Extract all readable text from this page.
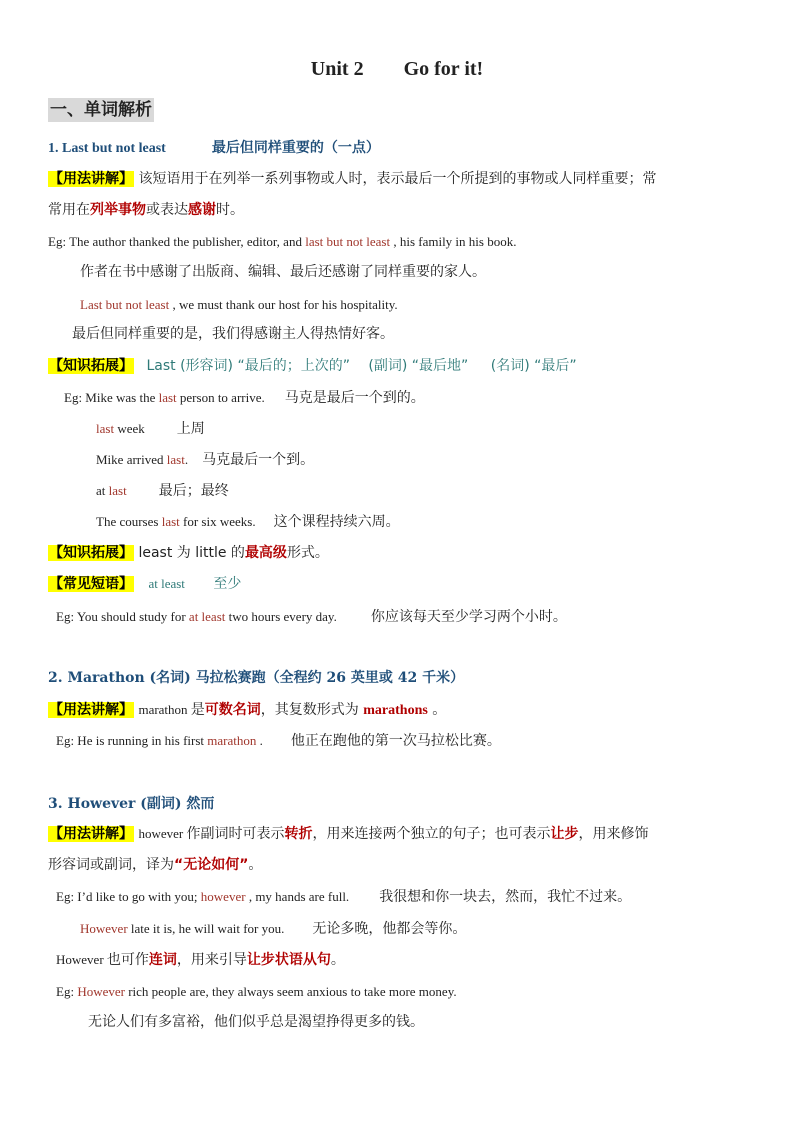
Unit 2 Go for it!
一、单词解析
1. Last but not least	最后但同样重要的（一点）
【用法讲解】 该短语用于在列举一系列事物或人时，表示最后一个所提到的事物或人同样重要；常
常用在列举事物或表达感谢时。
Eg: The author thanked the publisher, editor, and last but not least , his family in his book.
作者在书中感谢了出版商、编辑、最后还感谢了同样重要的家人。
Last but not least , we must thank our host for his hospitality.
最后但同样重要的是，我们得感谢主人得热情好客。
【知识拓展】 Last (形容词) “最后的；上次的” (副词) “最后地” (名词) “最后”
Eg: Mike was the last person to arrive. 马克是最后一个到的。
last week 上周
Mike arrived last. 马克最后一个到。
at last 最后；最终
The courses last for six weeks. 这个课程持续六周。
【知识拓展】 least 为 little 的最高级形式。
【常见短语】 at least 至少
Eg: You should study for at least two hours every day. 你应该每天至少学习两个小时。
2. Marathon (名词) 马拉松赛跑（全程约 26 英里或 42 千米）
【用法讲解】 marathon 是可数名词，其复数形式为 marathons 。
Eg: He is running in his first marathon . 他正在跑他的第一次马拉松比赛。
3. However (副词) 然而
【用法讲解】 however 作副词时可表示转折，用来连接两个独立的句子；也可表示让步，用来修饰
形容词或副词，译为“无论如何”。
Eg: I’d like to go with you; however , my hands are full. 我很想和你一块去，然而，我忙不过来。
However late it is, he will wait for you. 无论多晚，他都会等你。
However 也可作连词，用来引导让步状语从句。
Eg: However rich people are, they always seem anxious to take more money.
无论人们有多富裕，他们似乎总是渴望挣得更多的钱。
